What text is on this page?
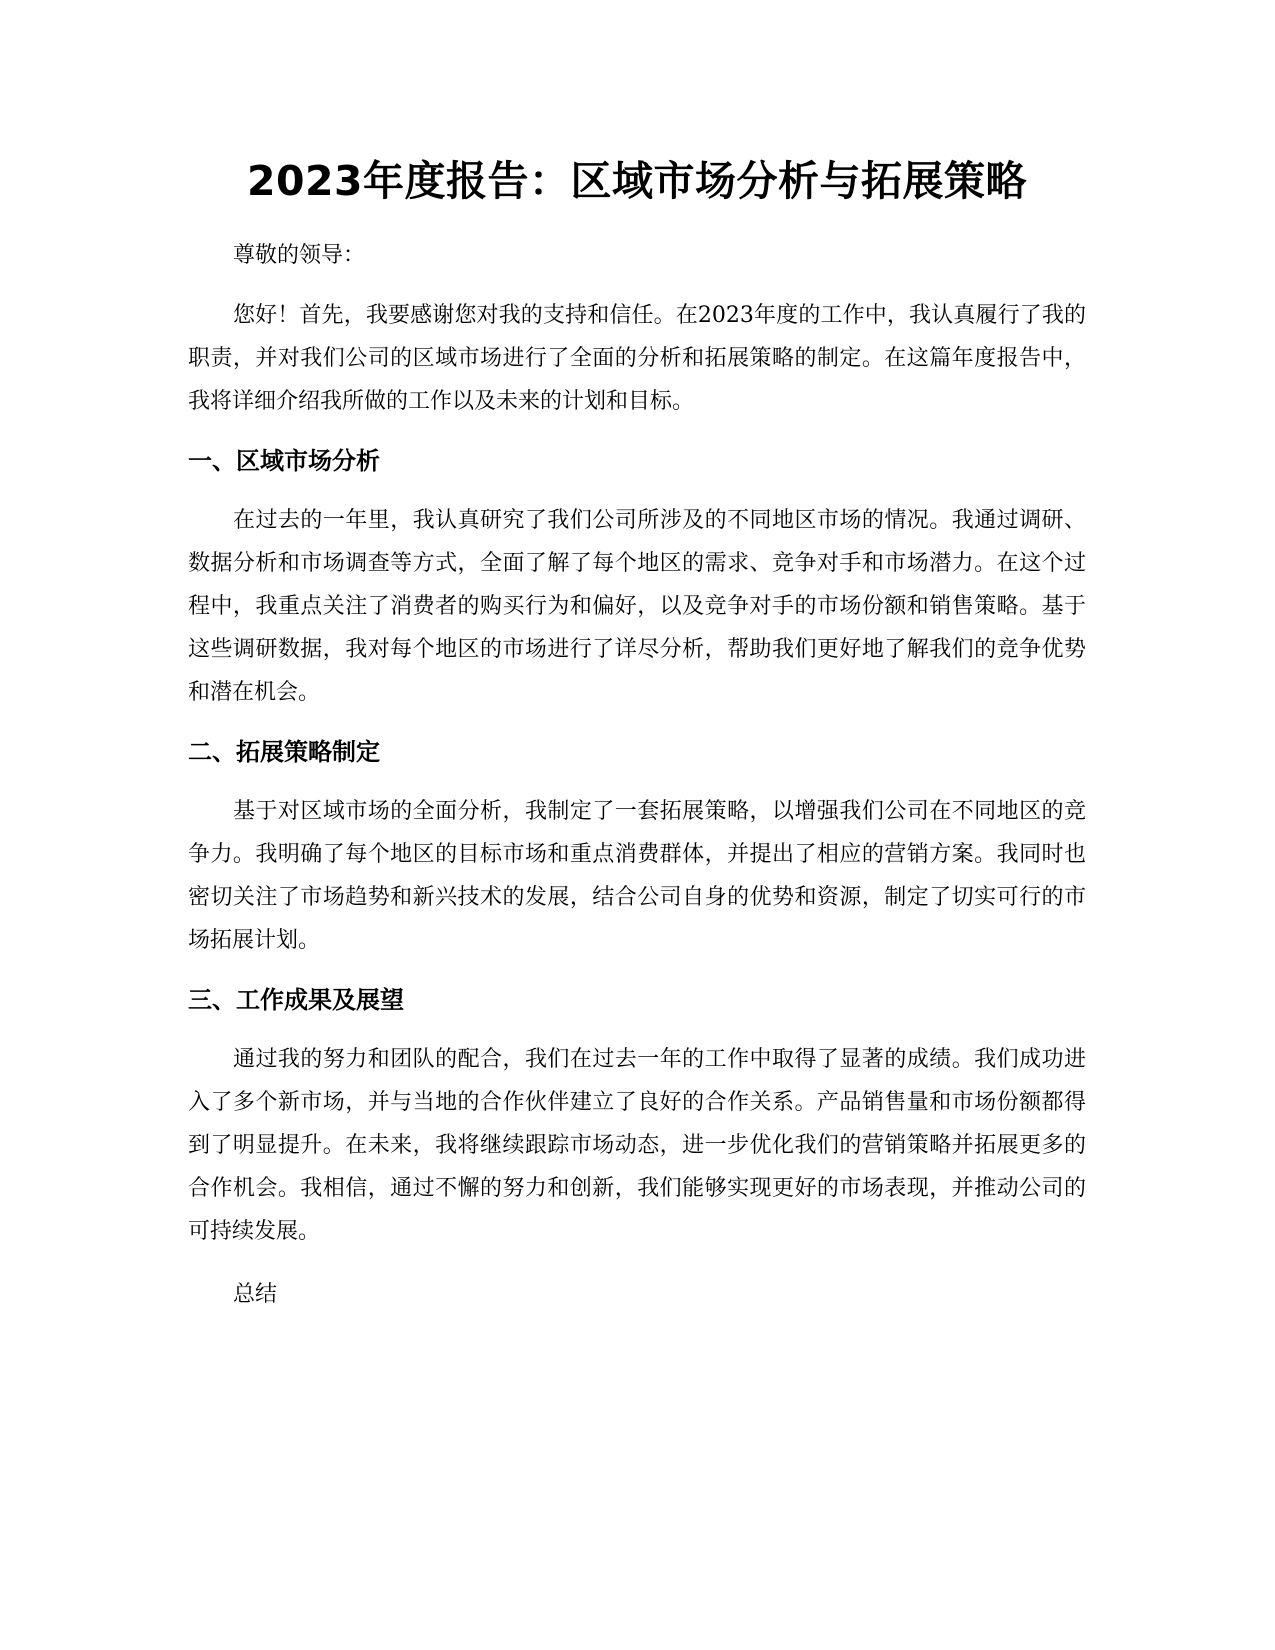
2023年度报告：区域市场分析与拓展策略

尊敬的领导：

您好！首先，我要感谢您对我的支持和信任。在2023年度的工作中，我认真履行了我的职责，并对我们公司的区域市场进行了全面的分析和拓展策略的制定。在这篇年度报告中，我将详细介绍我所做的工作以及未来的计划和目标。

一、区域市场分析

在过去的一年里，我认真研究了我们公司所涉及的不同地区市场的情况。我通过调研、数据分析和市场调查等方式，全面了解了每个地区的需求、竞争对手和市场潜力。在这个过程中，我重点关注了消费者的购买行为和偏好，以及竞争对手的市场份额和销售策略。基于这些调研数据，我对每个地区的市场进行了详尽分析，帮助我们更好地了解我们的竞争优势和潜在机会。

二、拓展策略制定

基于对区域市场的全面分析，我制定了一套拓展策略，以增强我们公司在不同地区的竞争力。我明确了每个地区的目标市场和重点消费群体，并提出了相应的营销方案。我同时也密切关注了市场趋势和新兴技术的发展，结合公司自身的优势和资源，制定了切实可行的市场拓展计划。

三、工作成果及展望

通过我的努力和团队的配合，我们在过去一年的工作中取得了显著的成绩。我们成功进入了多个新市场，并与当地的合作伙伴建立了良好的合作关系。产品销售量和市场份额都得到了明显提升。在未来，我将继续跟踪市场动态，进一步优化我们的营销策略并拓展更多的合作机会。我相信，通过不懈的努力和创新，我们能够实现更好的市场表现，并推动公司的可持续发展。

总结
